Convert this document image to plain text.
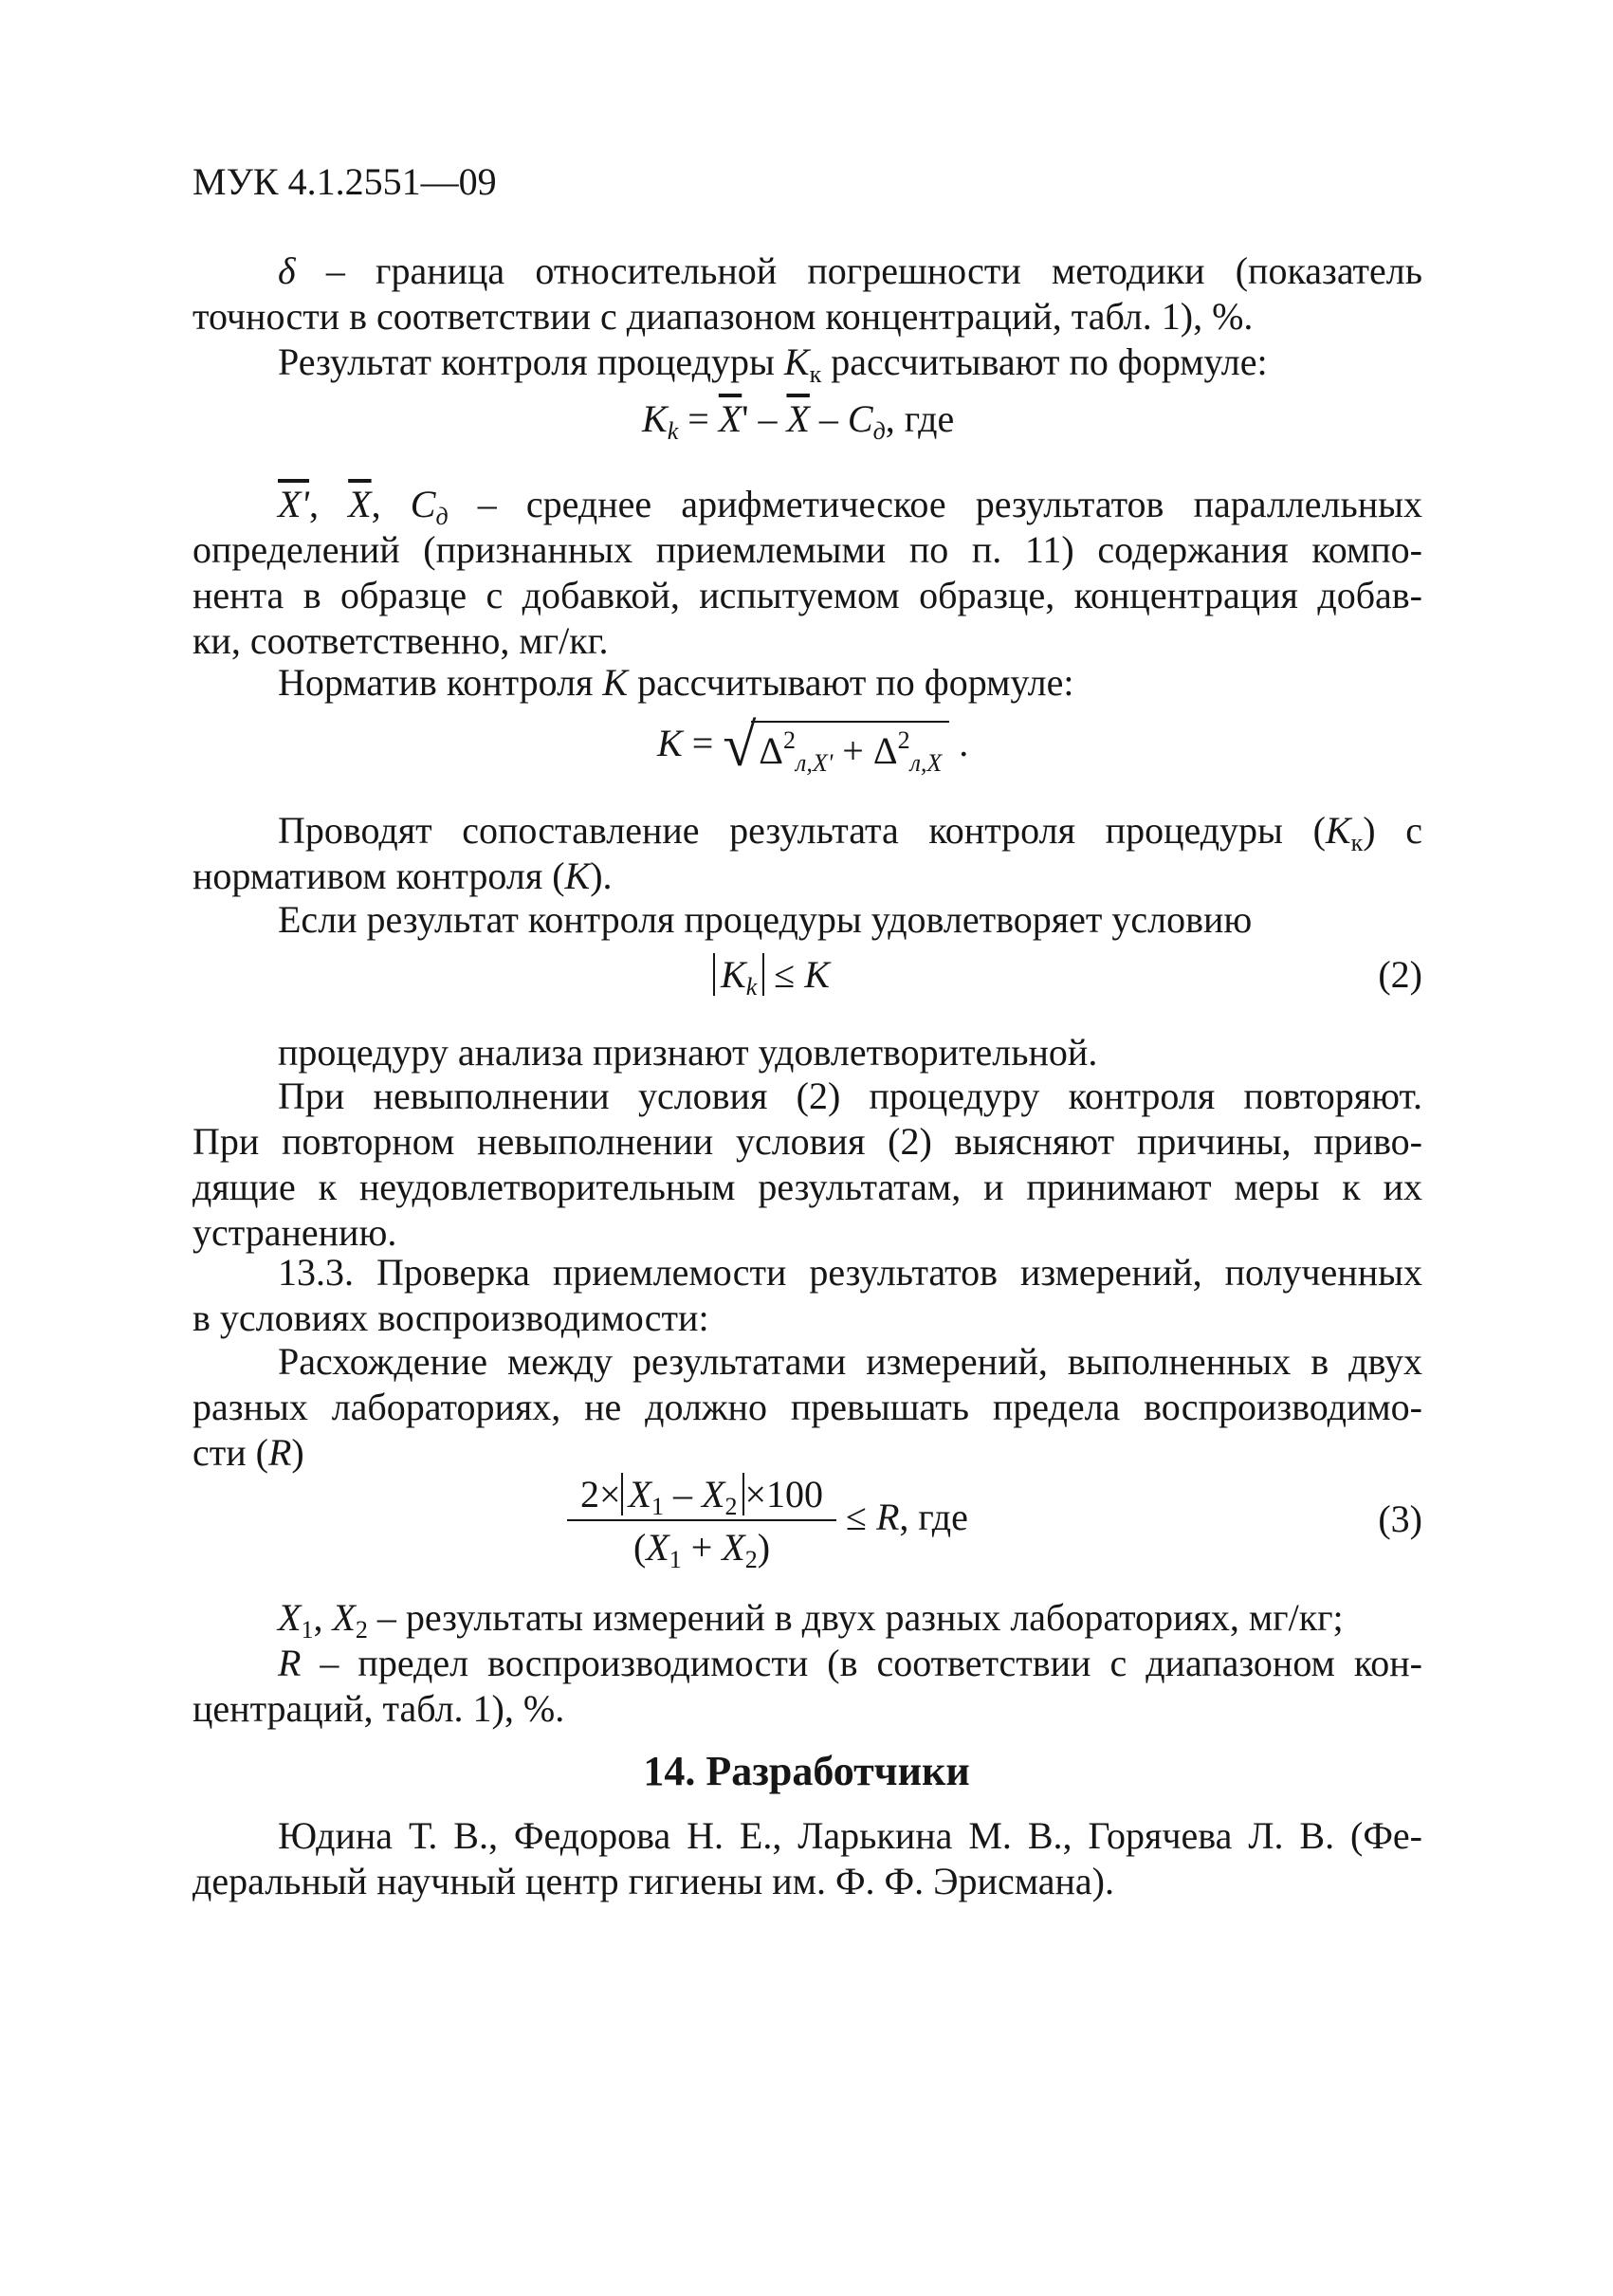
МУК 4.1.2551—09
δ – граница относительной погрешности методики (показатель
точности в соответствии с диапазоном концентраций, табл. 1), %.
Результат контроля процедуры $K_к$ рассчитывают по формуле:
$K_k = \overline{X}' - \overline{X} - C_д$, где
X', $\overline{X}$, $C_д$ – среднее арифметическое результатов параллельных
определений (признанных приемлемыми по п. 11) содержания компо-
нента в образце с добавкой, испытуемом образце, концентрация добав-
ки, соответственно, мг/кг.
Норматив контроля K рассчитывают по формуле:
K = √ $\Delta^2_{л,X'} + \Delta^2_{л,X}$ .
Проводят сопоставление результата контроля процедуры $(K_к)$ с
нормативом контроля (K).
Если результат контроля процедуры удовлетворяет условию
$K_k \le K$	(2)
процедуру анализа признают удовлетворительной.
При невыполнении условия (2) процедуру контроля повторяют.
При повторном невыполнении условия (2) выясняют причины, приво-
дящие к неудовлетворительным результатам, и принимают меры к их
устранению.
13.3. Проверка приемлемости результатов измерений, полученных
в условиях воспроизводимости:
Расхождение между результатами измерений, выполненных в двух
разных лабораториях, не должно превышать предела воспроизводимо-
сти (R)
$\frac{2\times X_1 - X_2 \times 100}{(X_1 + X_2)} \le R$, где	(3)
$X_1$, $X_2$ – результаты измерений в двух разных лабораториях, мг/кг;
R – предел воспроизводимости (в соответствии с диапазоном кон-
центраций, табл. 1), %.
14. Разработчики
Юдина Т. В., Федорова Н. Е., Ларькина М. В., Горячева Л. В. (Фе-
деральный научный центр гигиены им. Ф. Ф. Эрисмана).
